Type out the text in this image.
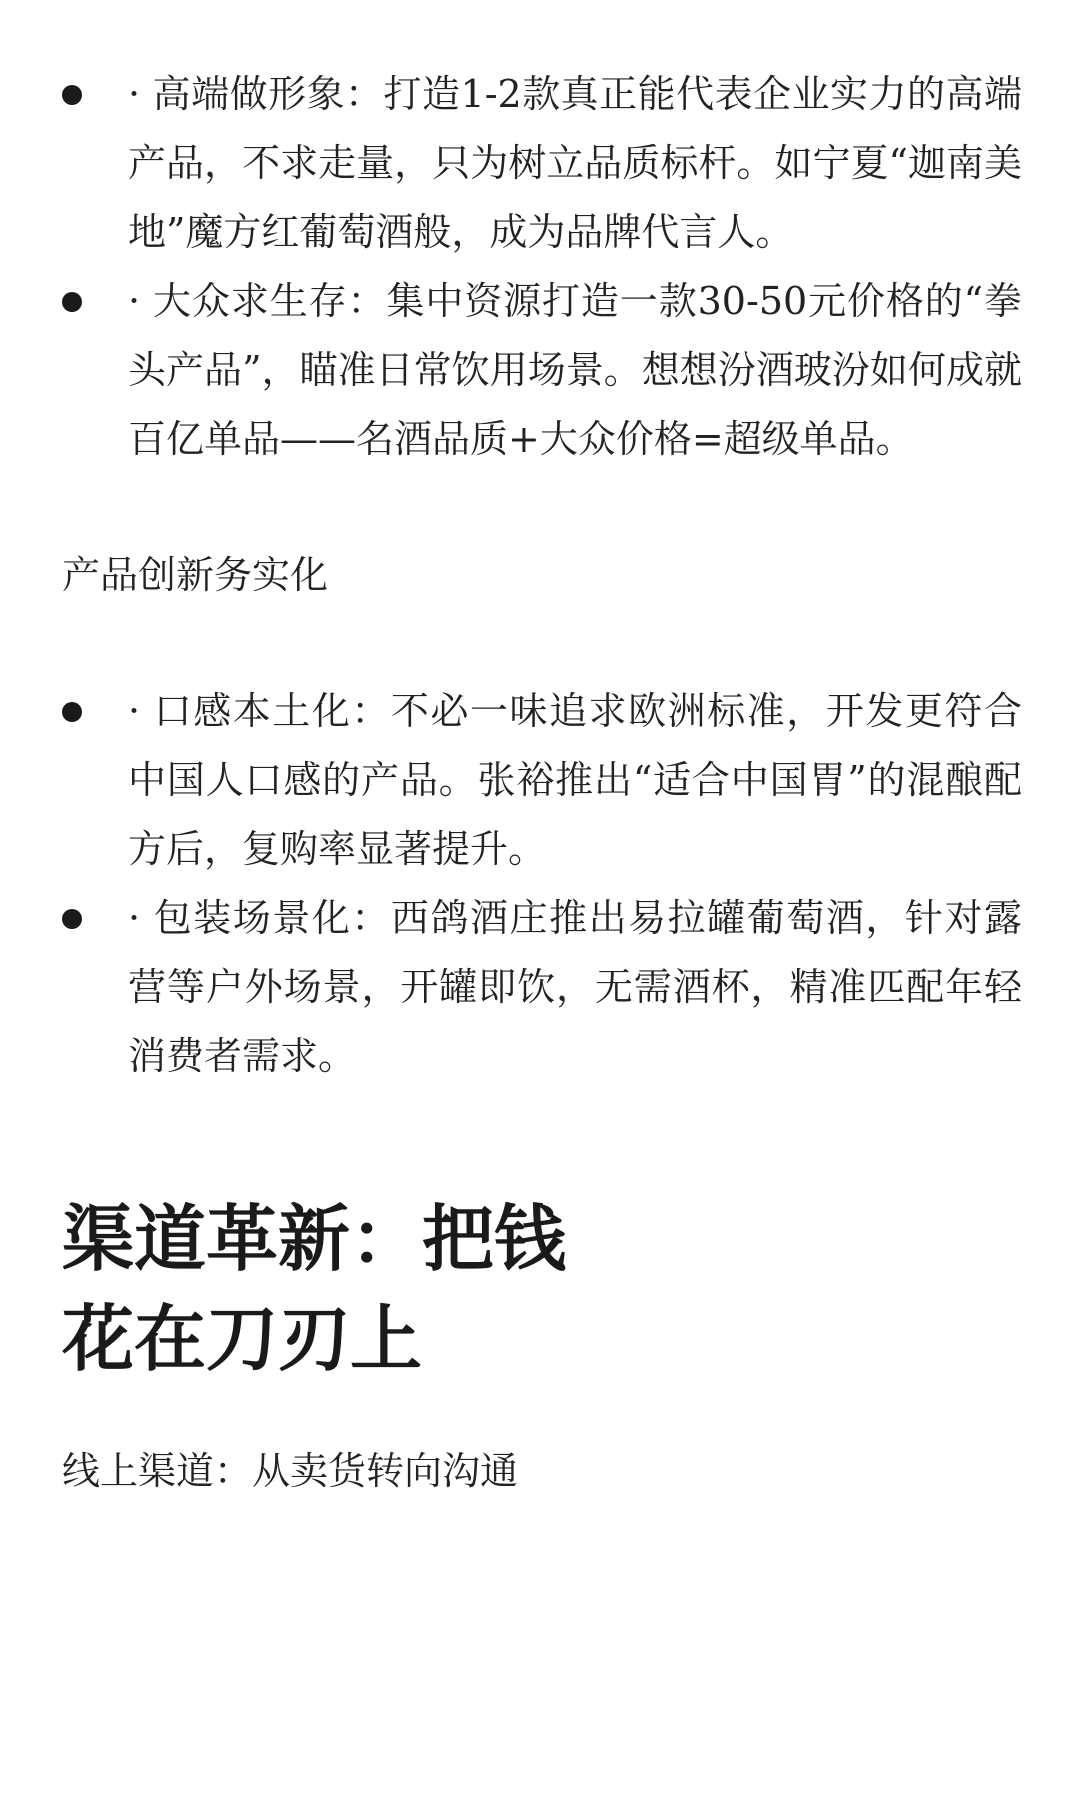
· 高端做形象：打造1-2款真正能代表企业实力的高端产品，不求走量，只为树立品质标杆。如宁夏“迦南美地”魔方红葡萄酒般，成为品牌代言人。
· 大众求生存：集中资源打造一款30-50元价格的“拳头产品”，瞄准日常饮用场景。想想汾酒玻汾如何成就百亿单品——名酒品质+大众价格=超级单品。

产品创新务实化

· 口感本土化：不必一味追求欧洲标准，开发更符合中国人口感的产品。张裕推出“适合中国胃”的混酿配方后，复购率显著提升。
· 包装场景化：西鸽酒庄推出易拉罐葡萄酒，针对露营等户外场景，开罐即饮，无需酒杯，精准匹配年轻消费者需求。
渠道革新：把钱
花在刀刃上

线上渠道：从卖货转向沟通
